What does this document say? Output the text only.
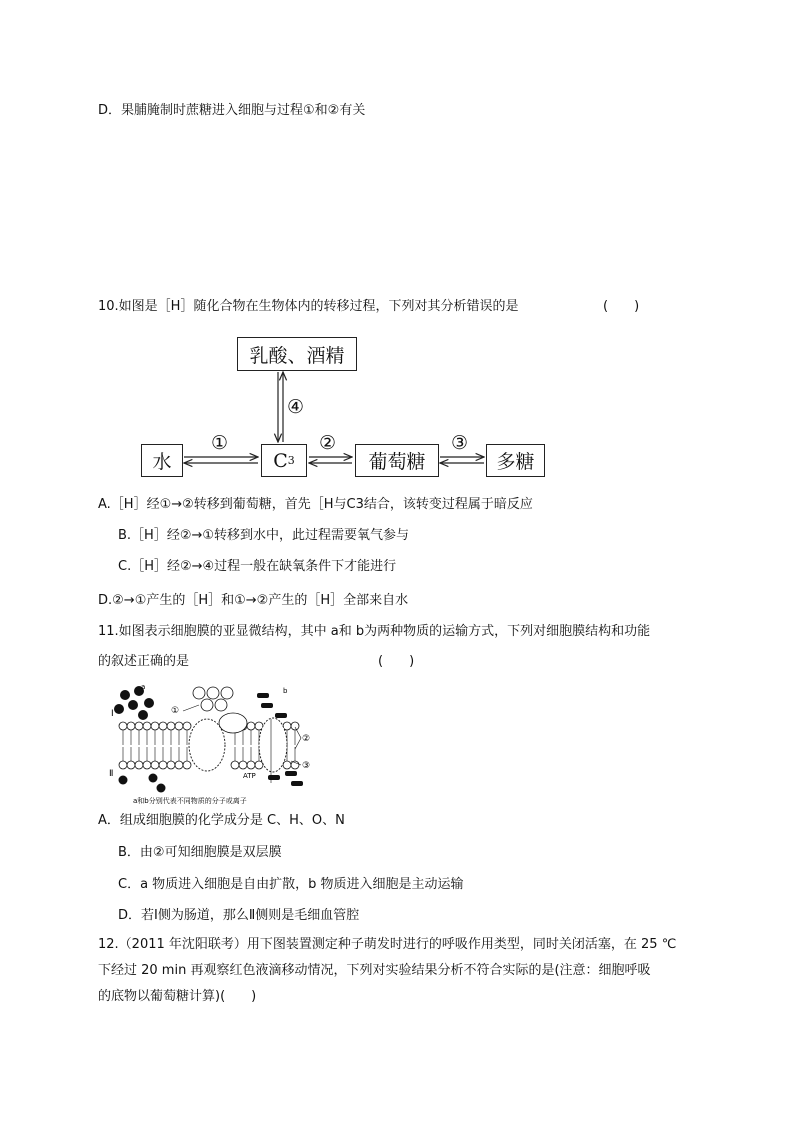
D．果脯腌制时蔗糖进入细胞与过程①和②有关
10.如图是［H］随化合物在生物体内的转移过程，下列对其分析错误的是	(　　)
乳酸、酒精
水	C 3	葡萄糖	多糖
①	②	③
④
A.［H］经①→②转移到葡萄糖，首先［H与C3结合，该转变过程属于暗反应
B.［H］经②→①转移到水中，此过程需要氧气参与
C.［H］经②→④过程一般在缺氧条件下才能进行
D.②→①产生的［H］和①→②产生的［H］全部来自水
11.如图表示细胞膜的亚显微结构，其中 a和 b为两种物质的运输方式，下列对细胞膜结构和功能
的叙述正确的是	(　　)
Ⅰ
Ⅱ
a	b
①
②
③
ATP
a和b分别代表不同物质的分子或离子
A．组成细胞膜的化学成分是 C、H、O、N
B．由②可知细胞膜是双层膜
C．a 物质进入细胞是自由扩散，b 物质进入细胞是主动运输
D．若Ⅰ侧为肠道，那么Ⅱ侧则是毛细血管腔
12.（2011 年沈阳联考）用下图装置测定种子萌发时进行的呼吸作用类型，同时关闭活塞，在 25 ℃
下经过 20 min 再观察红色液滴移动情况，下列对实验结果分析不符合实际的是(注意：细胞呼吸
的底物以葡萄糖计算)(　　)
